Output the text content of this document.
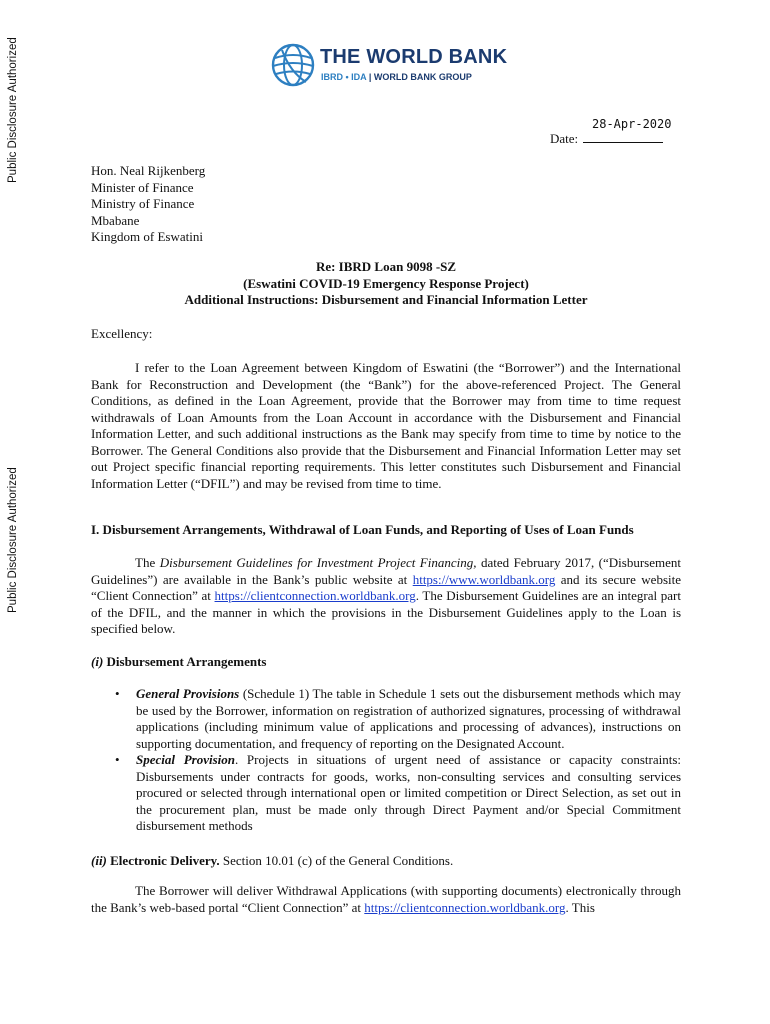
Public Disclosure Authorized
Public Disclosure Authorized
THE WORLD BANK
IBRD • IDA | WORLD BANK GROUP
28-Apr-2020
Date:
Hon. Neal Rijkenberg
Minister of Finance
Ministry of Finance
Mbabane
Kingdom of Eswatini
Re: IBRD Loan 9098 -SZ
(Eswatini COVID-19 Emergency Response Project)
Additional Instructions: Disbursement and Financial Information Letter
Excellency:

I refer to the Loan Agreement between Kingdom of Eswatini (the “Borrower”) and the International Bank for Reconstruction and Development (the “Bank”) for the above-referenced Project. The General Conditions, as defined in the Loan Agreement, provide that the Borrower may from time to time request withdrawals of Loan Amounts from the Loan Account in accordance with the Disbursement and Financial Information Letter, and such additional instructions as the Bank may specify from time to time by notice to the Borrower. The General Conditions also provide that the Disbursement and Financial Information Letter may set out Project specific financial reporting requirements. This letter constitutes such Disbursement and Financial Information Letter (“DFIL”) and may be revised from time to time.

I. Disbursement Arrangements, Withdrawal of Loan Funds, and Reporting of Uses of Loan Funds

The Disbursement Guidelines for Investment Project Financing, dated February 2017, (“Disbursement Guidelines”) are available in the Bank’s public website at https://www.worldbank.org and its secure website “Client Connection” at https://clientconnection.worldbank.org. The Disbursement Guidelines are an integral part of the DFIL, and the manner in which the provisions in the Disbursement Guidelines apply to the Loan is specified below.

(i) Disbursement Arrangements
• General Provisions (Schedule 1) The table in Schedule 1 sets out the disbursement methods which may be used by the Borrower, information on registration of authorized signatures, processing of withdrawal applications (including minimum value of applications and processing of advances), instructions on supporting documentation, and frequency of reporting on the Designated Account.
• Special Provision. Projects in situations of urgent need of assistance or capacity constraints: Disbursements under contracts for goods, works, non-consulting services and consulting services procured or selected through international open or limited competition or Direct Selection, as set out in the procurement plan, must be made only through Direct Payment and/or Special Commitment disbursement methods
(ii) Electronic Delivery. Section 10.01 (c) of the General Conditions.

The Borrower will deliver Withdrawal Applications (with supporting documents) electronically through the Bank’s web-based portal “Client Connection” at https://clientconnection.worldbank.org. This
